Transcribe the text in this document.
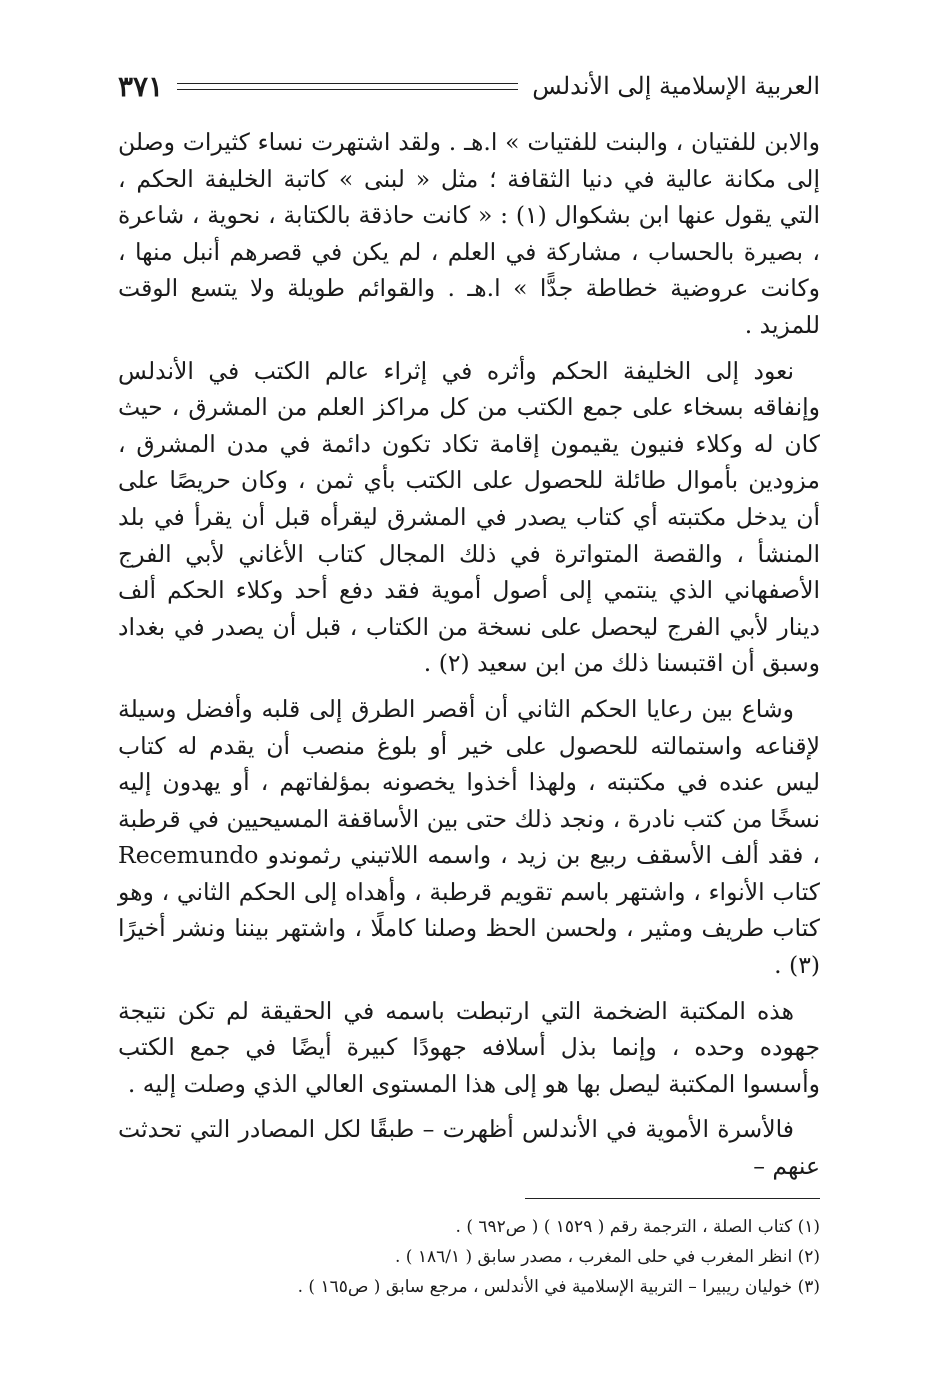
العربية الإسلامية إلى الأندلس
٣٧١

والابن للفتيان ، والبنت للفتيات » ا.هـ . ولقد اشتهرت نساء كثيرات وصلن إلى مكانة عالية في دنيا الثقافة ؛ مثل « لبنى » كاتبة الخليفة الحكم ، التي يقول عنها ابن بشكوال (١) : « كانت حاذقة بالكتابة ، نحوية ، شاعرة ، بصيرة بالحساب ، مشاركة في العلم ، لم يكن في قصرهم أنبل منها ، وكانت عروضية خطاطة جدًّا » ا.هـ . والقوائم طويلة ولا يتسع الوقت للمزيد .

نعود إلى الخليفة الحكم وأثره في إثراء عالم الكتب في الأندلس وإنفاقه بسخاء على جمع الكتب من كل مراكز العلم من المشرق ، حيث كان له وكلاء فنيون يقيمون إقامة تكاد تكون دائمة في مدن المشرق ، مزودين بأموال طائلة للحصول على الكتب بأي ثمن ، وكان حريصًا على أن يدخل مكتبته أي كتاب يصدر في المشرق ليقرأه قبل أن يقرأ في بلد المنشأ ، والقصة المتواترة في ذلك المجال كتاب الأغاني لأبي الفرج الأصفهاني الذي ينتمي إلى أصول أموية فقد دفع أحد وكلاء الحكم ألف دينار لأبي الفرج ليحصل على نسخة من الكتاب ، قبل أن يصدر في بغداد وسبق أن اقتبسنا ذلك من ابن سعيد (٢) .

وشاع بين رعايا الحكم الثاني أن أقصر الطرق إلى قلبه وأفضل وسيلة لإقناعه واستمالته للحصول على خير أو بلوغ منصب أن يقدم له كتاب ليس عنده في مكتبته ، ولهذا أخذوا يخصونه بمؤلفاتهم ، أو يهدون إليه نسخًا من كتب نادرة ، ونجد ذلك حتى بين الأساقفة المسيحيين في قرطبة ، فقد ألف الأسقف ربيع بن زيد ، واسمه اللاتيني رثموندو Recemundo كتاب الأنواء ، واشتهر باسم تقويم قرطبة ، وأهداه إلى الحكم الثاني ، وهو كتاب طريف ومثير ، ولحسن الحظ وصلنا كاملًا ، واشتهر بيننا ونشر أخيرًا (٣) .

هذه المكتبة الضخمة التي ارتبطت باسمه في الحقيقة لم تكن نتيجة جهوده وحده ، وإنما بذل أسلافه جهودًا كبيرة أيضًا في جمع الكتب وأسسوا المكتبة ليصل بها هو إلى هذا المستوى العالي الذي وصلت إليه .

فالأسرة الأموية في الأندلس أظهرت – طبقًا لكل المصادر التي تحدثت عنهم –

(١) كتاب الصلة ، الترجمة رقم ( ١٥٢٩ ) ( ص٦٩٢ ) .
(٢) انظر المغرب في حلى المغرب ، مصدر سابق ( ١٨٦/١ ) .
(٣) خوليان ريبيرا – التربية الإسلامية في الأندلس ، مرجع سابق ( ص١٦٥ ) .
